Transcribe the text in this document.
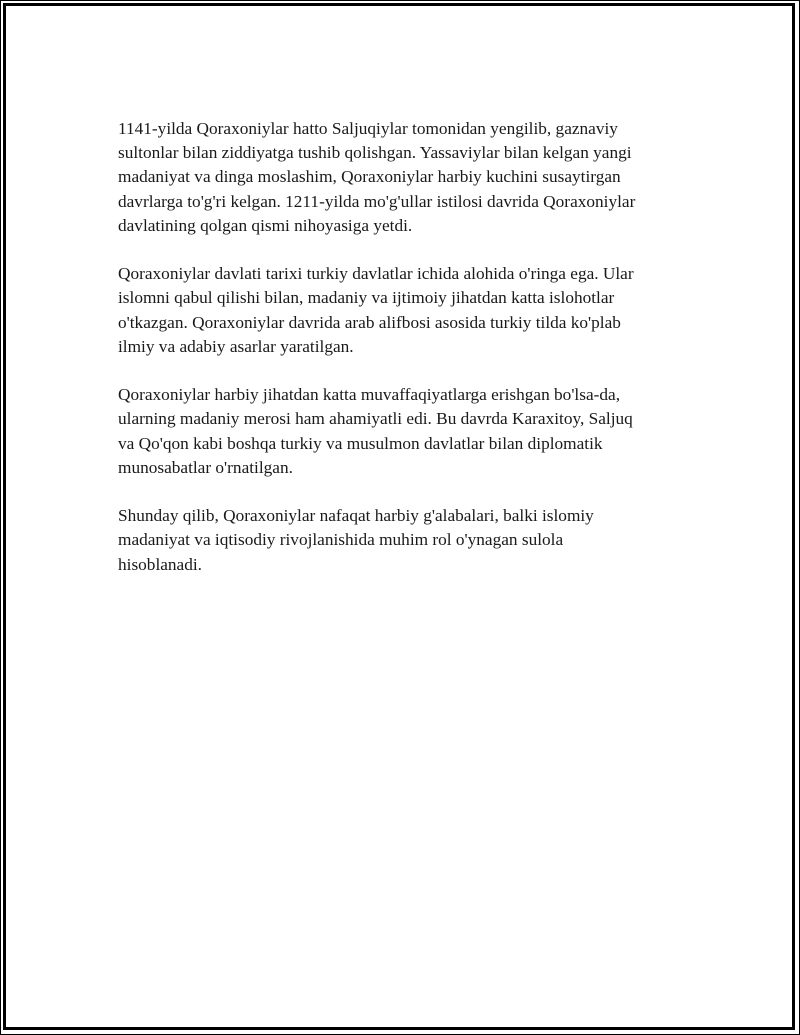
1141-yilda Qoraxoniylar hatto Saljuqiylar tomonidan yengilib, gaznaviy
sultonlar bilan ziddiyatga tushib qolishgan. Yassaviylar bilan kelgan yangi
madaniyat va dinga moslashim, Qoraxoniylar harbiy kuchini susaytirgan
davrlarga to'g'ri kelgan. 1211-yilda mo'g'ullar istilosi davrida Qoraxoniylar
davlatining qolgan qismi nihoyasiga yetdi.

Qoraxoniylar davlati tarixi turkiy davlatlar ichida alohida o'ringa ega. Ular
islomni qabul qilishi bilan, madaniy va ijtimoiy jihatdan katta islohotlar
o'tkazgan. Qoraxoniylar davrida arab alifbosi asosida turkiy tilda ko'plab
ilmiy va adabiy asarlar yaratilgan.

Qoraxoniylar harbiy jihatdan katta muvaffaqiyatlarga erishgan bo'lsa-da,
ularning madaniy merosi ham ahamiyatli edi. Bu davrda Karaxitoy, Saljuq
va Qo'qon kabi boshqa turkiy va musulmon davlatlar bilan diplomatik
munosabatlar o'rnatilgan.

Shunday qilib, Qoraxoniylar nafaqat harbiy g'alabalari, balki islomiy
madaniyat va iqtisodiy rivojlanishida muhim rol o'ynagan sulola
hisoblanadi.
